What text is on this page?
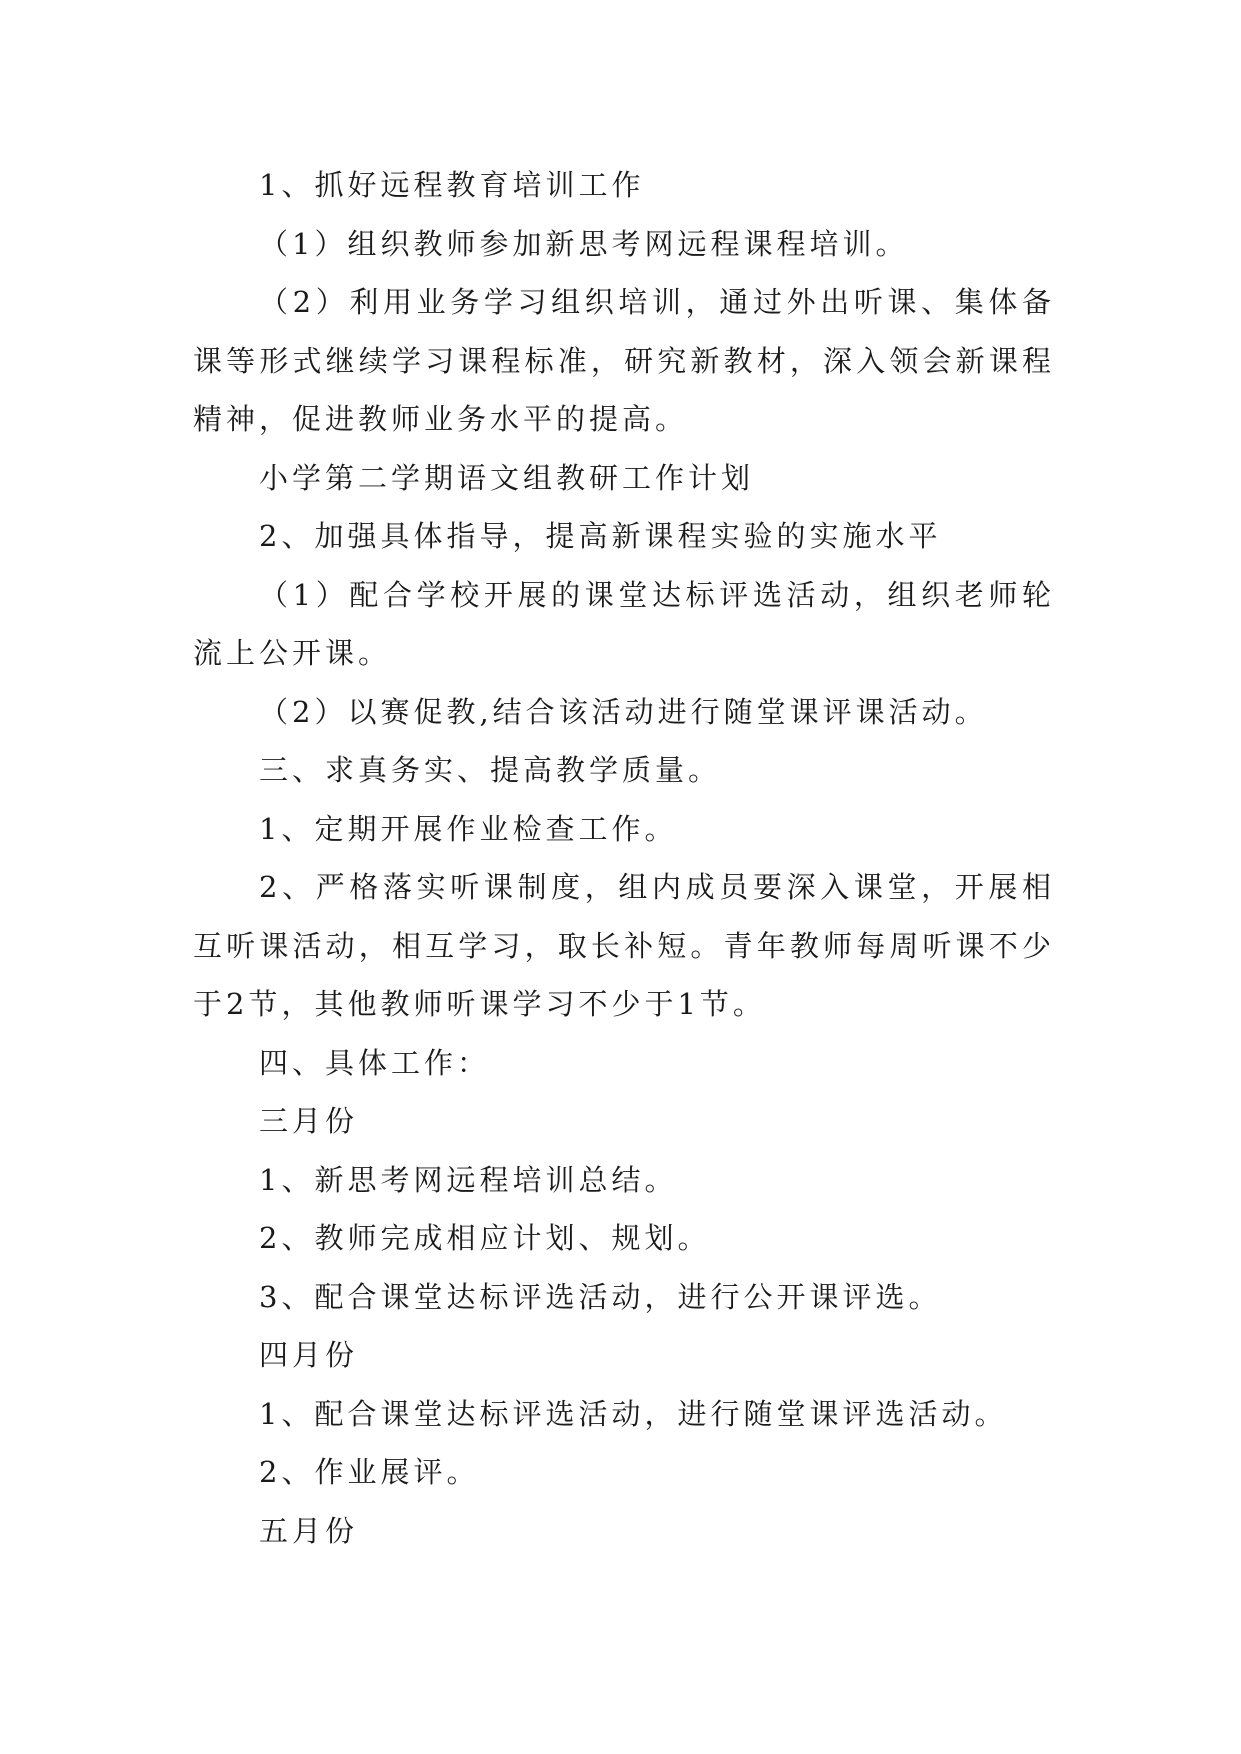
1、抓好远程教育培训工作

（1）组织教师参加新思考网远程课程培训。

（2）利用业务学习组织培训，通过外出听课、集体备课等形式继续学习课程标准，研究新教材，深入领会新课程精神，促进教师业务水平的提高。

小学第二学期语文组教研工作计划

2、加强具体指导，提高新课程实验的实施水平

（1）配合学校开展的课堂达标评选活动，组织老师轮流上公开课。

（2）以赛促教,结合该活动进行随堂课评课活动。

三、求真务实、提高教学质量。

1、定期开展作业检查工作。

2、严格落实听课制度，组内成员要深入课堂，开展相互听课活动，相互学习，取长补短。青年教师每周听课不少于2节，其他教师听课学习不少于1节。

四、具体工作：

三月份

1、新思考网远程培训总结。

2、教师完成相应计划、规划。

3、配合课堂达标评选活动，进行公开课评选。

四月份

1、配合课堂达标评选活动，进行随堂课评选活动。

2、作业展评。

五月份
